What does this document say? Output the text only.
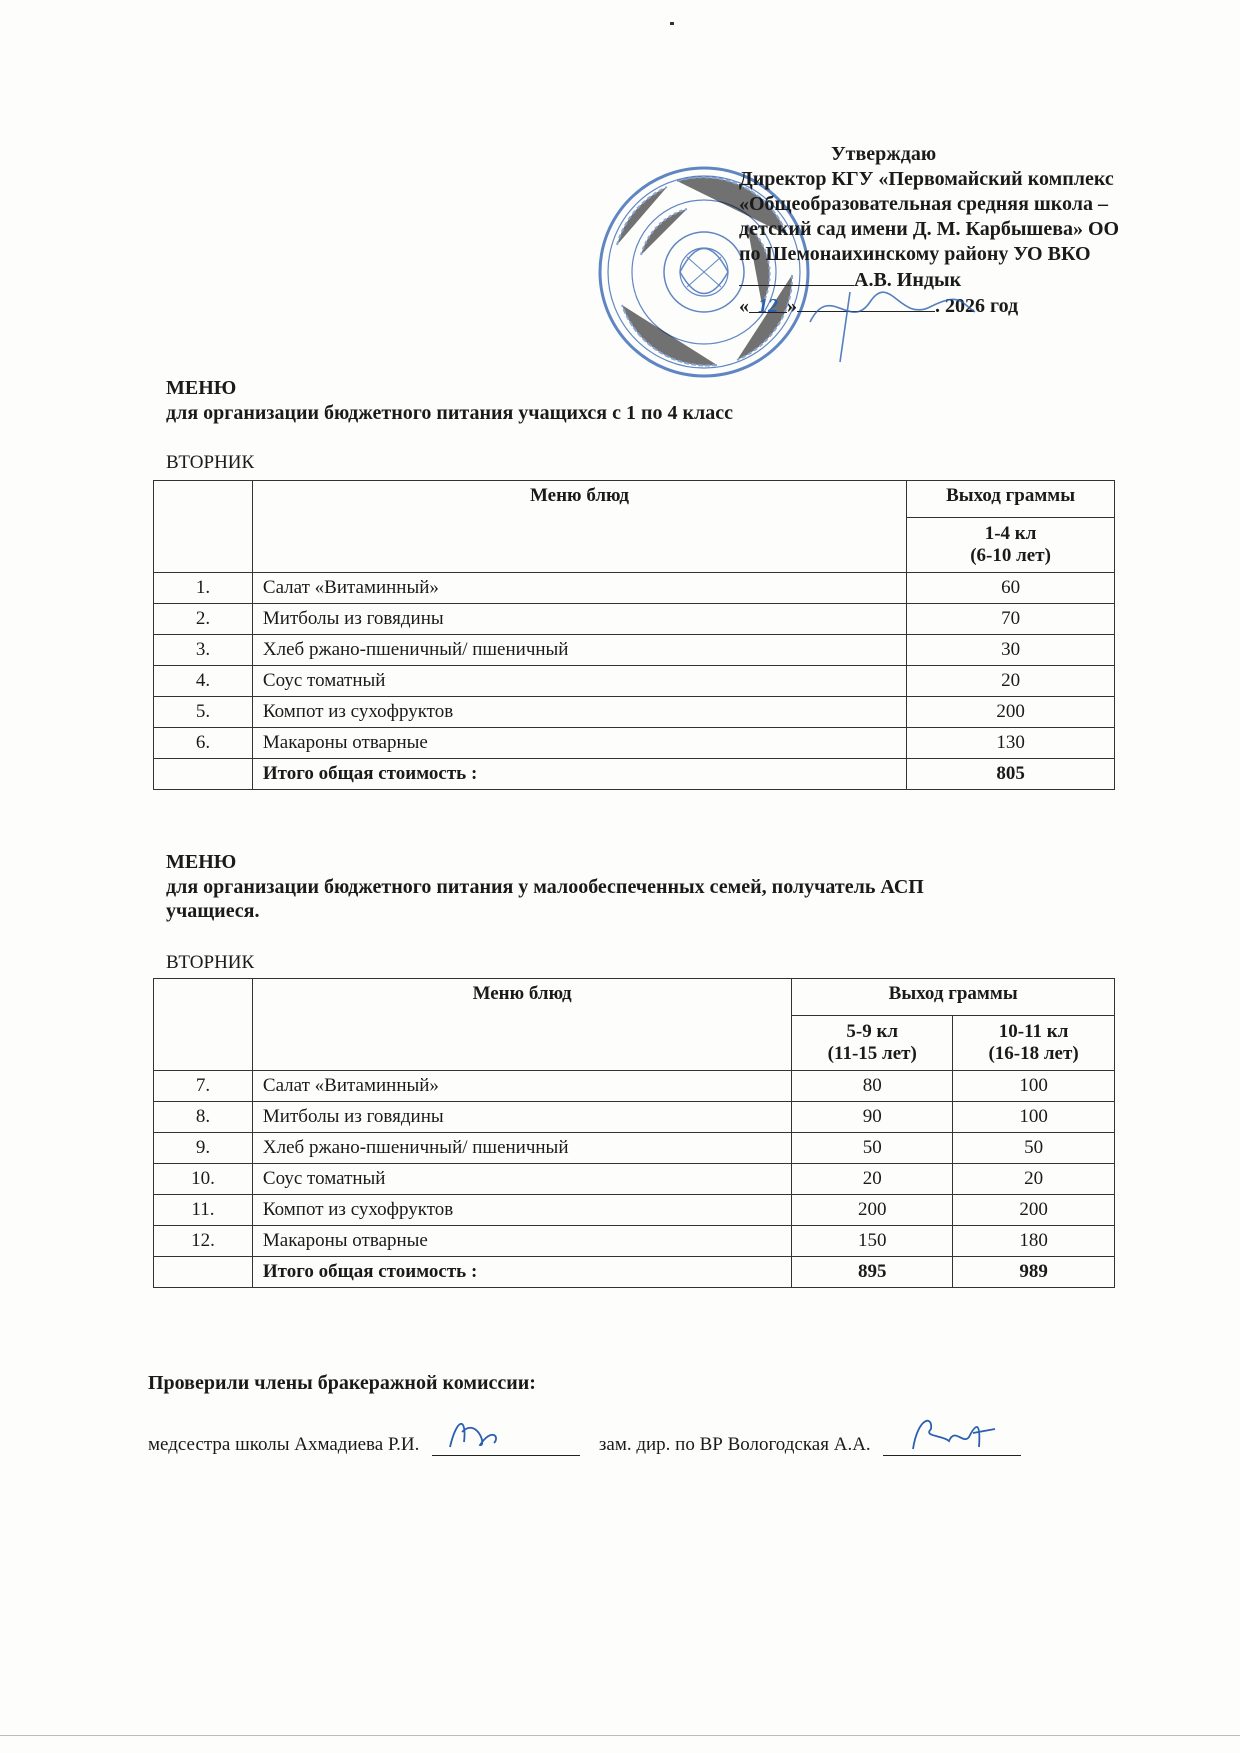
Утверждаю
Директор КГУ «Первомайский комплекс
«Общеобразовательная средняя школа –
детский сад имени Д. М. Карбышева» ОО
по Шемонаихинскому району УО ВКО
А.В. Индык
« 12 »	. 2026 год
МЕНЮ
для организации бюджетного питания учащихся с 1 по 4 класс
ВТОРНИК
	Меню блюд	Выход граммы
		1-4 кл
(6-10 лет)
1.	Салат «Витаминный»	60
2.	Митболы из говядины	70
3.	Хлеб ржано-пшеничный/ пшеничный	30
4.	Соус томатный	20
5.	Компот из сухофруктов	200
6.	Макароны отварные	130
	Итого общая стоимость :	805
МЕНЮ
для организации бюджетного питания у малообеспеченных семей, получатель АСП
учащиеся.
ВТОРНИК
	Меню блюд	Выход граммы	
		5-9 кл
(11-15 лет)	10-11 кл
(16-18 лет)
7.	Салат «Витаминный»	80	100
8.	Митболы из говядины	90	100
9.	Хлеб ржано-пшеничный/ пшеничный	50	50
10.	Соус томатный	20	20
11.	Компот из сухофруктов	200	200
12.	Макароны отварные	150	180
	Итого общая стоимость :	895	989
Проверили члены бракеражной комиссии:
медсестра школы Ахмадиева Р.И.	зам. дир. по ВР Вологодская А.А.
